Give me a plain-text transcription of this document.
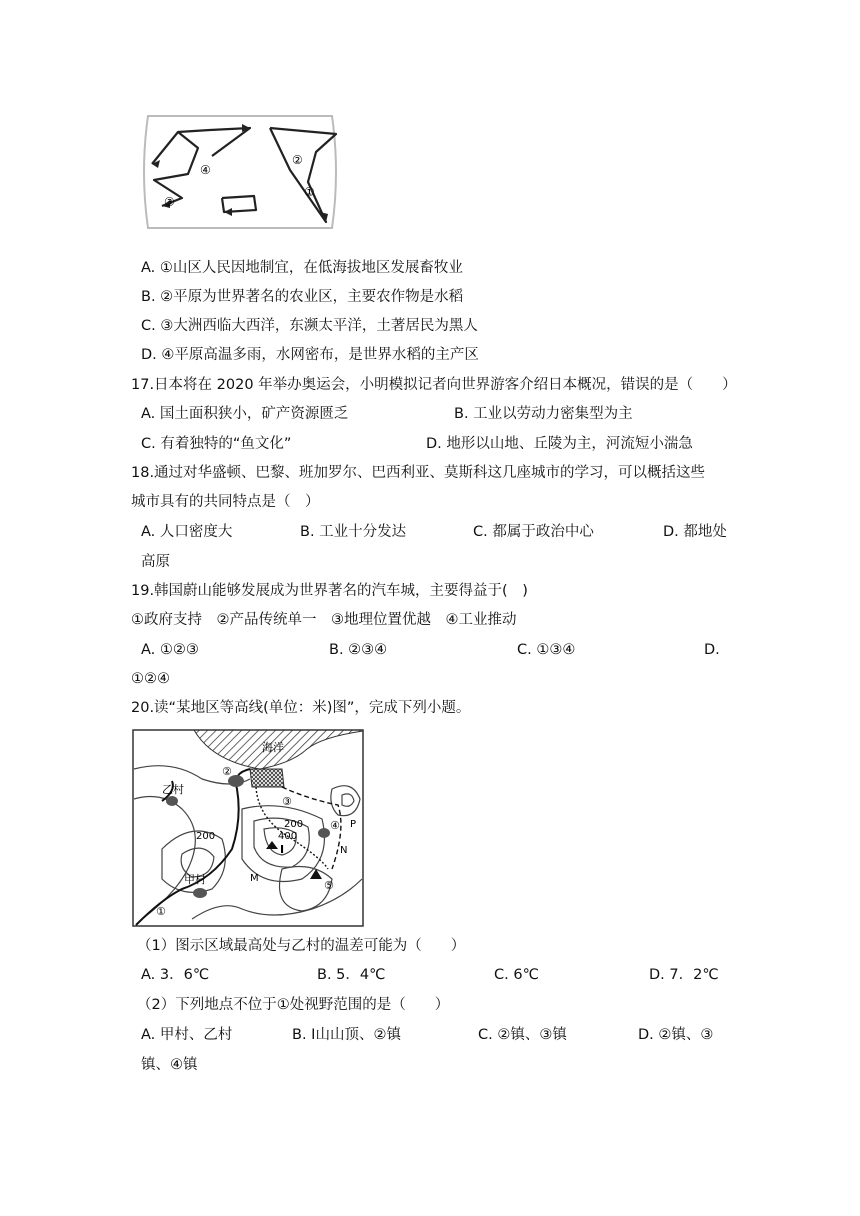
④
③
②
①
A. ①山区人民因地制宜，在低海拔地区发展畜牧业
B. ②平原为世界著名的农业区，主要农作物是水稻
C. ③大洲西临大西洋，东濒太平洋，土著居民为黑人
D. ④平原高温多雨，水网密布，是世界水稻的主产区
17.日本将在 2020 年举办奥运会，小明模拟记者向世界游客介绍日本概况，错误的是（　　）
A. 国土面积狭小，矿产资源匮乏	B. 工业以劳动力密集型为主
C. 有着独特的“鱼文化”	D. 地形以山地、丘陵为主，河流短小湍急
18.通过对华盛顿、巴黎、班加罗尔、巴西利亚、莫斯科这几座城市的学习，可以概括这些
城市具有的共同特点是（　）
A. 人口密度大	B. 工业十分发达	C. 都属于政治中心	D. 都地处
高原
19.韩国蔚山能够发展成为世界著名的汽车城，主要得益于(　)
①政府支持　②产品传统单一　③地理位置优越　④工业推动
A. ①②③	B. ②③④	C. ①③④	D.
①②④
20.读“某地区等高线(单位：米)图”，完成下列小题。
海洋
乙村
甲村
200
200
400
Ⅰ
M
N
P
①
②
③
④
⑤
（1）图示区域最高处与乙村的温差可能为（　　）
A. 3．6℃	B. 5．4℃	C. 6℃	D. 7．2℃
（2）下列地点不位于①处视野范围的是（　　）
A. 甲村、乙村	B. Ⅰ山山顶、②镇	C. ②镇、③镇	D. ②镇、③
镇、④镇
